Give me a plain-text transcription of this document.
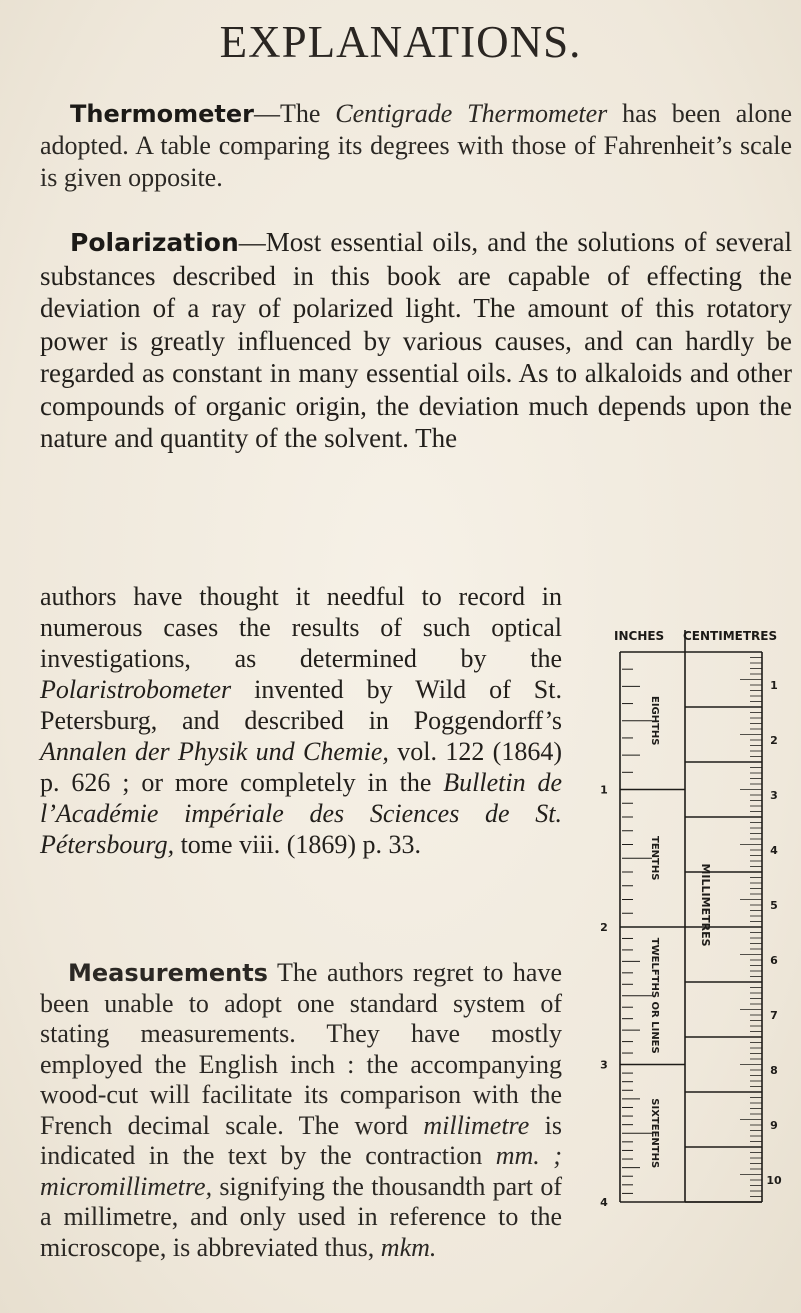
EXPLANATIONS.
Thermometer—The Centigrade Thermometer has been alone adopted. A table comparing its degrees with those of Fahrenheit’s scale is given opposite.
Polarization—Most essential oils, and the solutions of several substances described in this book are capable of effecting the deviation of a ray of polarized light. The amount of this rotatory power is greatly influenced by various causes, and can hardly be regarded as constant in many essential oils. As to alkaloids and other compounds of organic origin, the deviation much depends upon the nature and quantity of the solvent. The
authors have thought it needful to record in numerous cases the results of such optical investigations, as determined by the Polaristrobometer invented by Wild of St. Petersburg, and described in Poggendorff’s Annalen der Physik und Chemie, vol. 122 (1864) p. 626 ; or more completely in the Bulletin de l’Académie impériale des Sciences de St. Pétersbourg, tome viii. (1869) p. 33.
Measurements The authors regret to have been unable to adopt one standard system of stating measurements. They have mostly employed the English inch : the accompanying wood-cut will facilitate its comparison with the French decimal scale. The word millimetre is indicated in the text by the contraction mm. ; micromillimetre, signifying the thousandth part of a millimetre, and only used in reference to the microscope, is abbreviated thus, mkm.
INCHES CENTIMETRES
1
2
3
4
1
2
3
4
5
6
7
8
9
10
EIGHTHS
TENTHS
TWELFTHS OR LINES
SIXTEENTHS
MILLIMETRES
